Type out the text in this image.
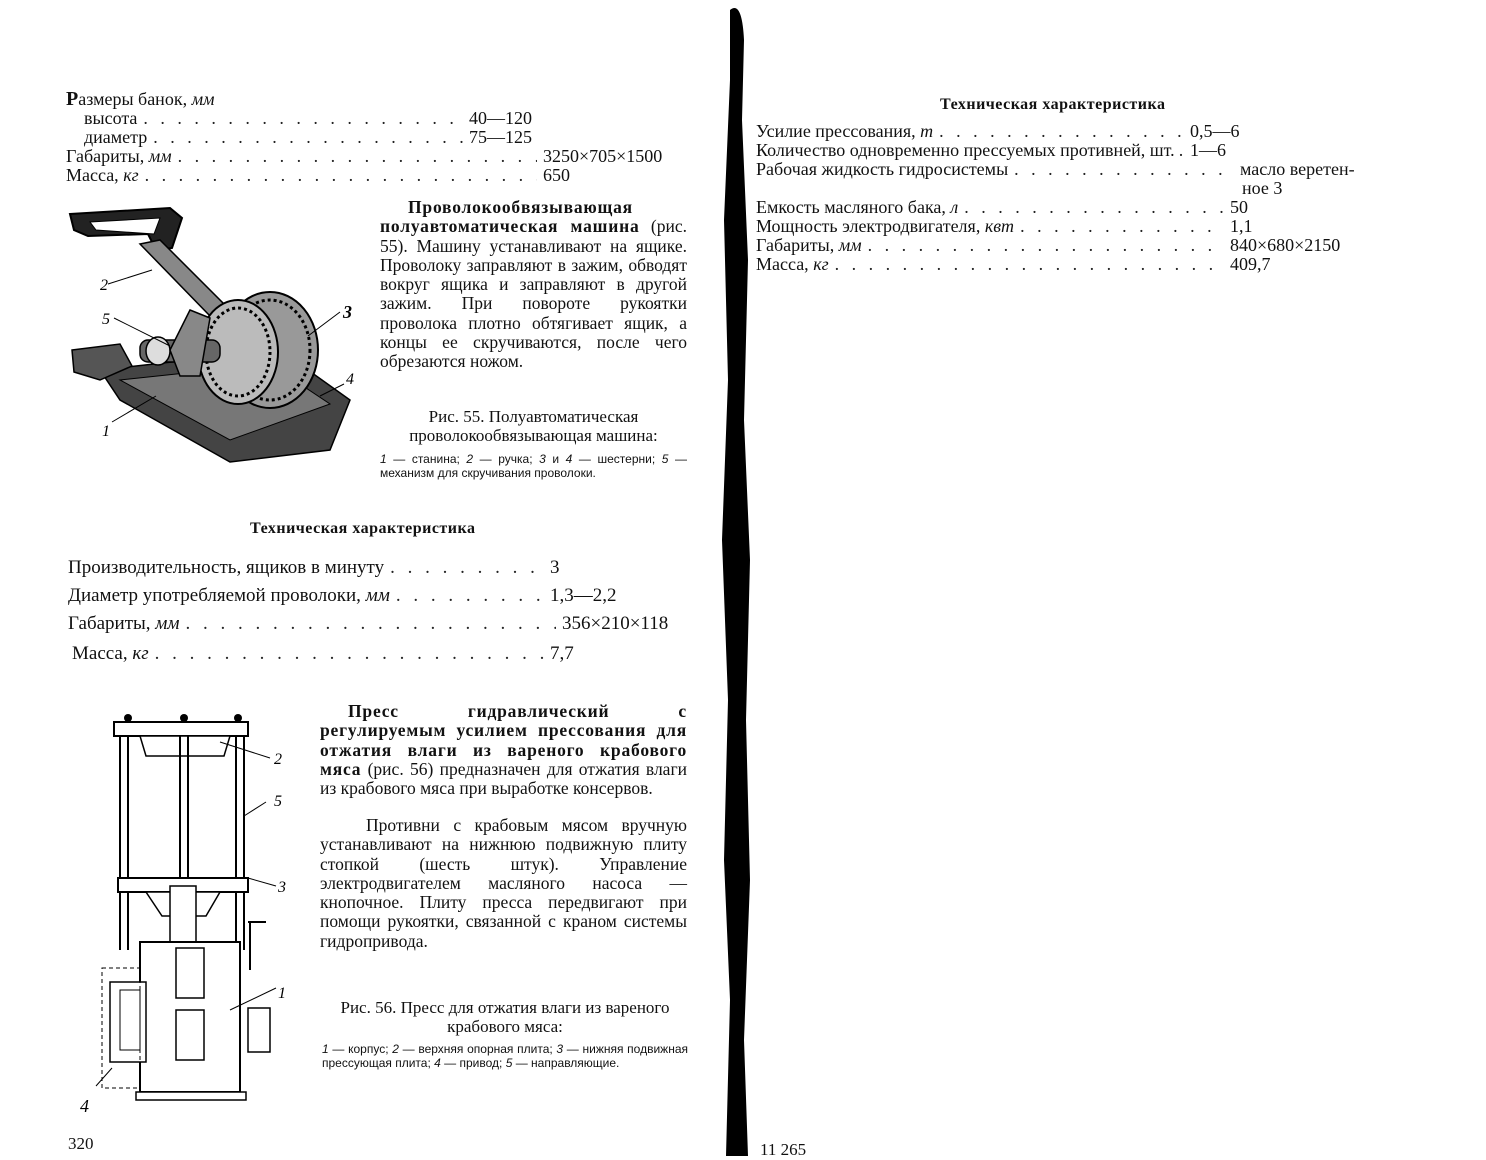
Размеры банок, мм
высота . . .	40—120
диаметр . . .	75—125
Габариты, мм . . .	3250×705×1500
Масса, кг . . .	650
2
5	3
4
1

Проволокообвязывающая полуавтоматическая машина (рис. 55). Машину устанавливают на ящике. Проволоку заправляют в зажим, обводят вокруг ящика и заправляют в другой зажим. При повороте рукоятки проволока плотно обтягивает ящик, а концы ее скручиваются, после чего обрезаются ножом.

Рис. 55. Полуавтоматическая проволокообвязывающая машина:

1 — станина; 2 — ручка; 3 и 4 — шестерни; 5 — механизм для скручивания проволоки.

Техническая характеристика
Производительность, ящиков в минуту . . .	3
Диаметр употребляемой проволоки, мм . . .	1,3—2,2
Габариты, мм . . .	356×210×118
Масса, кг . . .	7,7
2
5
3
1
4

Пресс гидравлический с регулируемым усилием прессования для отжатия влаги из вареного крабового мяса (рис. 56) предназначен для отжатия влаги из крабового мяса при выработке консервов.

Противни с крабовым мясом вручную устанавливают на нижнюю подвижную плиту стопкой (шесть штук). Управление электродвигателем масляного насоса — кнопочное. Плиту пресса передвигают при помощи рукоятки, связанной с краном системы гидропривода.

Рис. 56. Пресс для отжатия влаги из вареного крабового мяса:

1 — корпус; 2 — верхняя опорная плита; 3 — нижняя подвижная прессующая плита; 4 — привод; 5 — направляющие.

320
Техническая характеристика
Усилие прессования, т . . .	0,5—6
Количество одновременно прессуемых противней, шт. . . . 1—6
Рабочая жидкость гидросистемы . . .	масло веретен-
ное 3
Емкость масляного бака, л . . .	50
Мощность электродвигателя, квт . . .	1,1
Габариты, мм . . .	840×680×2150
Масса, кг . . .	409,7
11 265
